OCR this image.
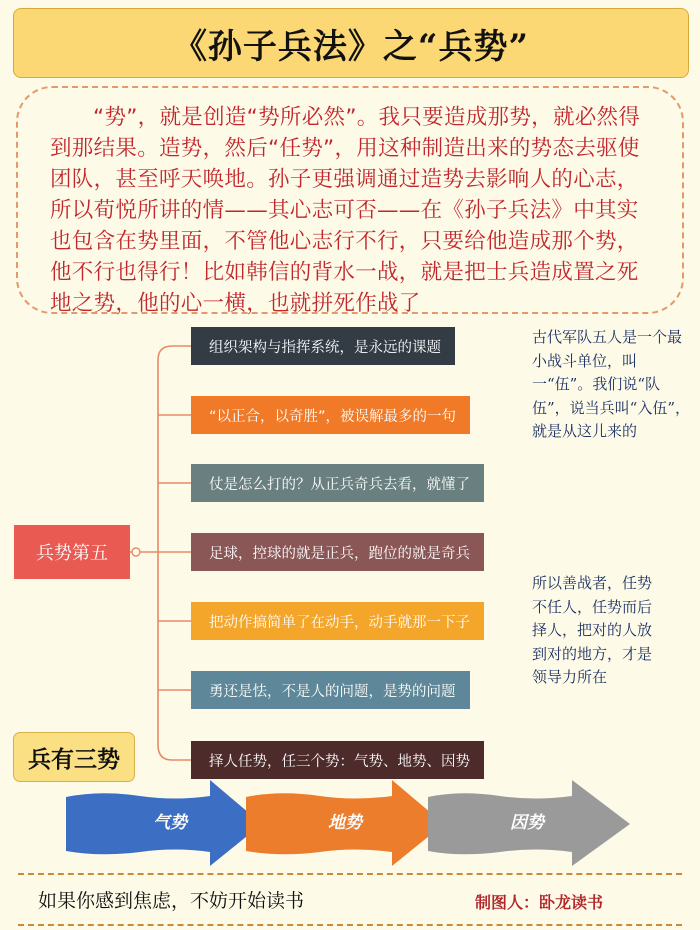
《孙子兵法》之“兵势”

“势”，就是创造“势所必然”。我只要造成那势，就必然得到那结果。造势，然后“任势”，用这种制造出来的势态去驱使团队，甚至呼天唤地。孙子更强调通过造势去影响人的心志，所以荀悦所讲的情——其心志可否——在《孙子兵法》中其实也包含在势里面，不管他心志行不行，只要给他造成那个势，他不行也得行！比如韩信的背水一战，就是把士兵造成置之死地之势，他的心一横，也就拼死作战了

兵势第五
组织架构与指挥系统，是永远的课题
“以正合，以奇胜”，被误解最多的一句
仗是怎么打的？从正兵奇兵去看，就懂了
足球，控球的就是正兵，跑位的就是奇兵
把动作搞简单了在动手，动手就那一下子
勇还是怯，不是人的问题，是势的问题
择人任势，任三个势：气势、地势、因势
古代军队五人是一个最小战斗单位，叫一“伍”。我们说“队伍”，说当兵叫“入伍”，就是从这儿来的
所以善战者，任势不任人，任势而后择人，把对的人放到对的地方，才是领导力所在
兵有三势
气势	地势	因势
如果你感到焦虑，不妨开始读书	制图人：卧龙读书
